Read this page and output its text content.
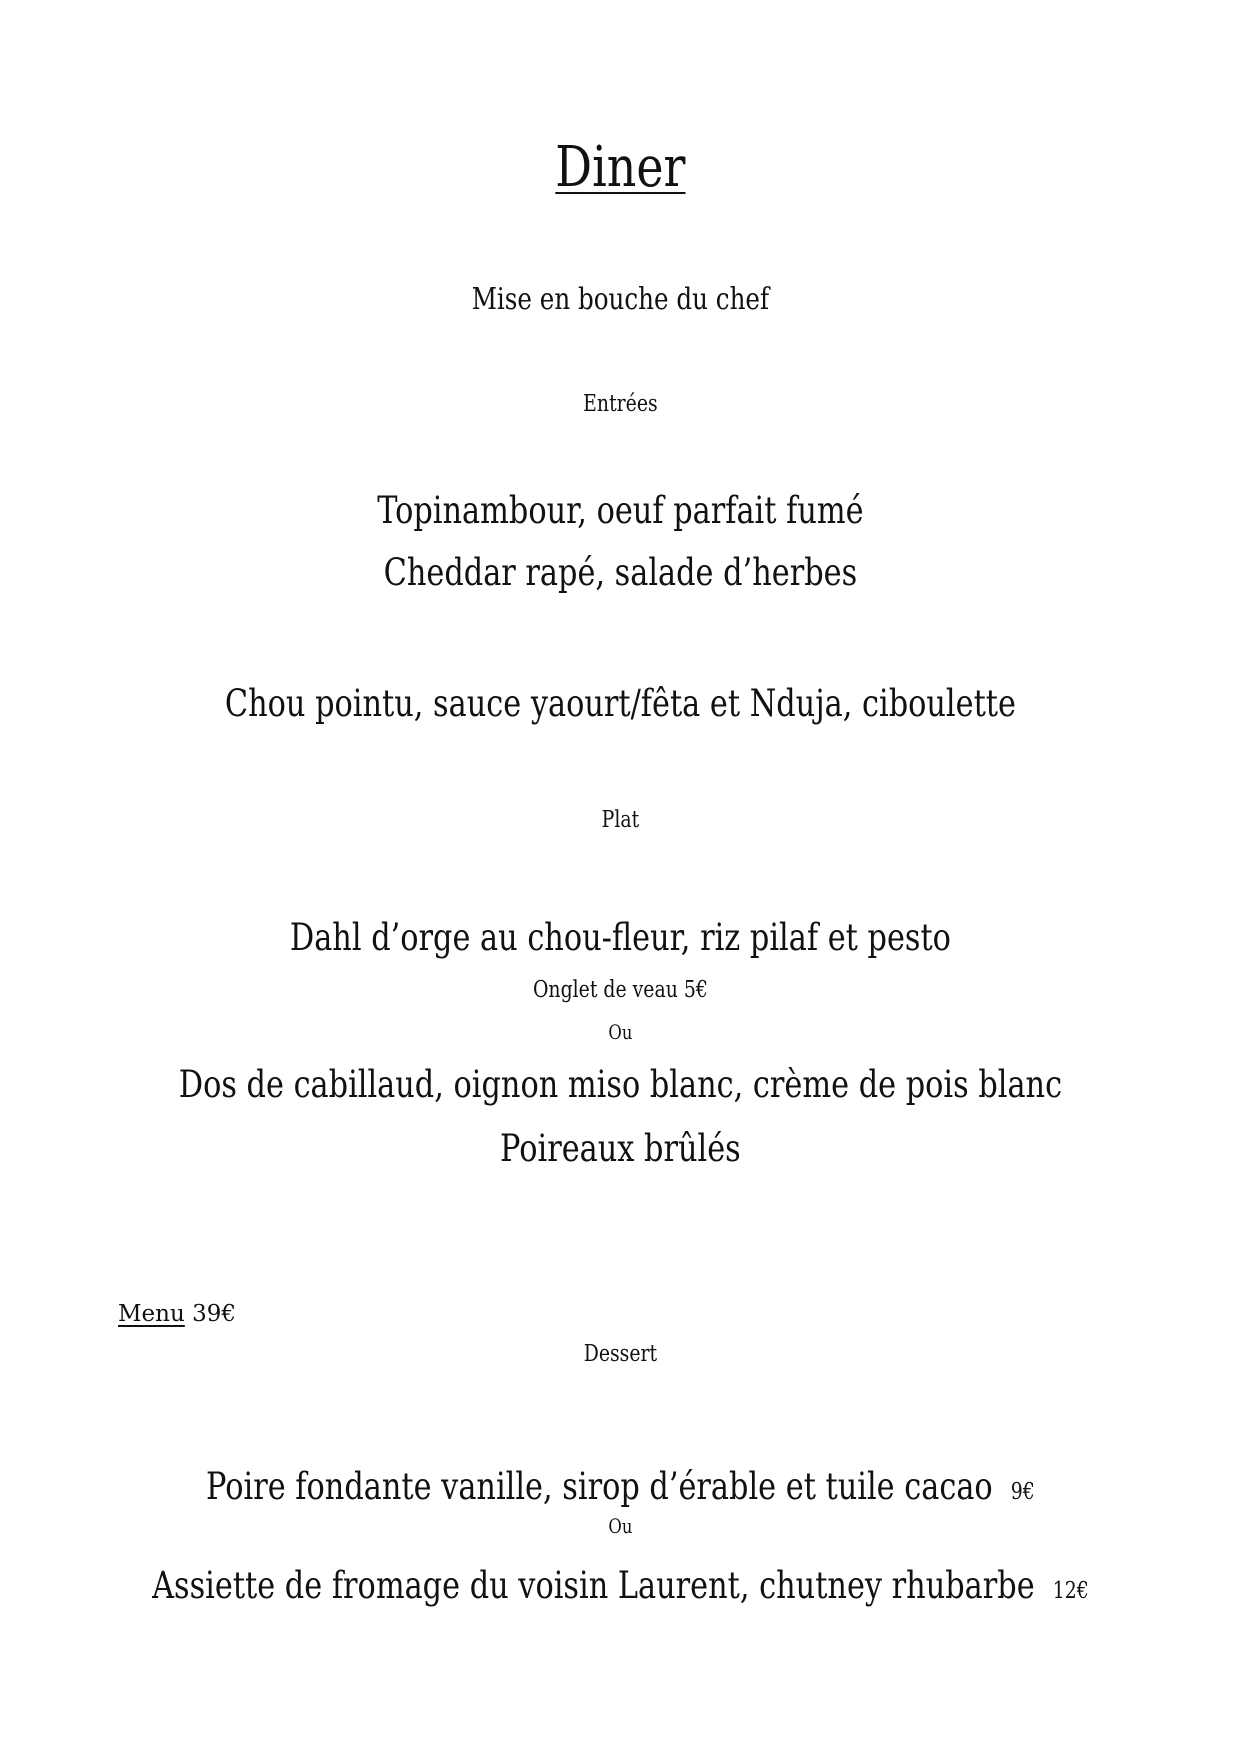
Diner
Mise en bouche du chef
Entrées
Topinambour, oeuf parfait fumé
Cheddar rapé, salade d’herbes
Chou pointu, sauce yaourt/fêta et Nduja, ciboulette
Plat
Dahl d’orge au chou-fleur, riz pilaf et pesto
Onglet de veau 5€
Ou
Dos de cabillaud, oignon miso blanc, crème de pois blanc
Poireaux brûlés
Menu 39€
Dessert
Poire fondante vanille, sirop d’érable et tuile cacao 9€
Ou
Assiette de fromage du voisin Laurent, chutney rhubarbe 12€
